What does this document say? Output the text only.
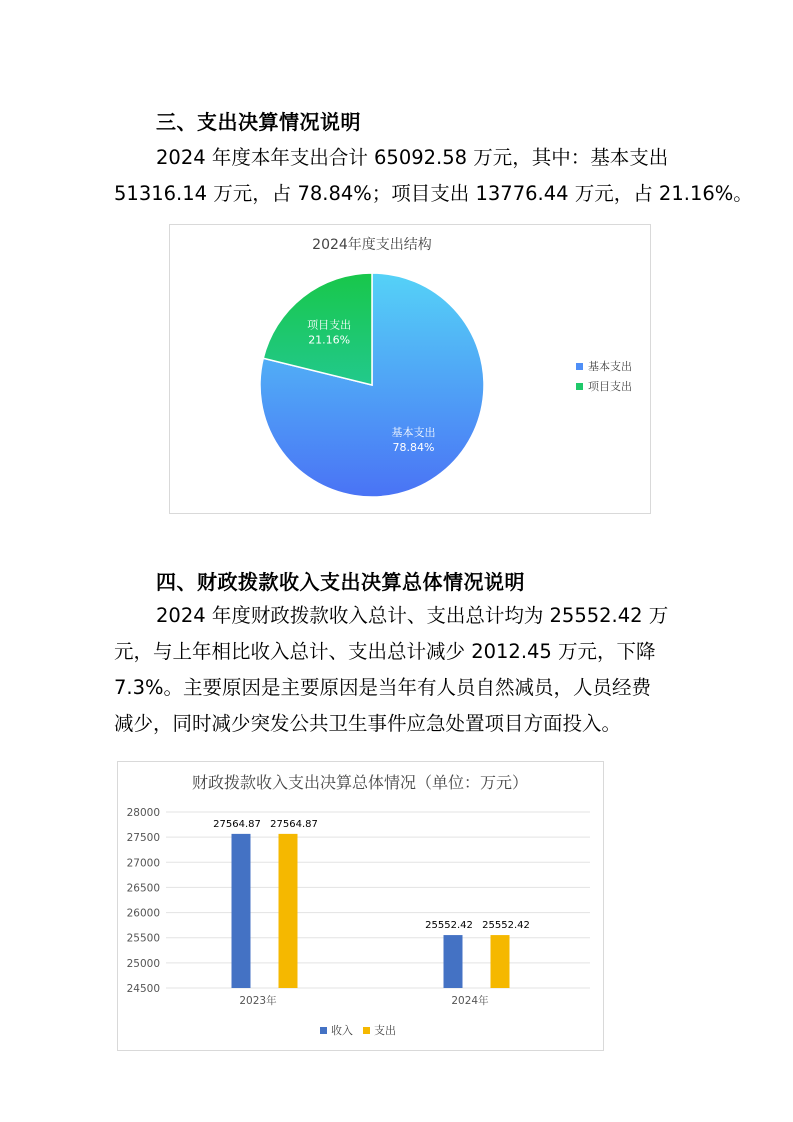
三、支出决算情况说明
2024 年度本年支出合计 65092.58 万元，其中：基本支出
51316.14 万元，占 78.84%；项目支出 13776.44 万元，占 21.16%。
2024年度支出结构
基本支出
78.84%
项目支出
21.16%
基本支出
项目支出
四、财政拨款收入支出决算总体情况说明
2024 年度财政拨款收入总计、支出总计均为 25552.42 万
元，与上年相比收入总计、支出总计减少 2012.45 万元，下降
7.3%。主要原因是主要原因是当年有人员自然减员，人员经费
减少，同时减少突发公共卫生事件应急处置项目方面投入。
财政拨款收入支出决算总体情况（单位：万元）
28000
27500
27000
26500
26000
25500
25000
24500
27564.87 27564.87
2023年
25552.42 25552.42
2024年
收入 支出
